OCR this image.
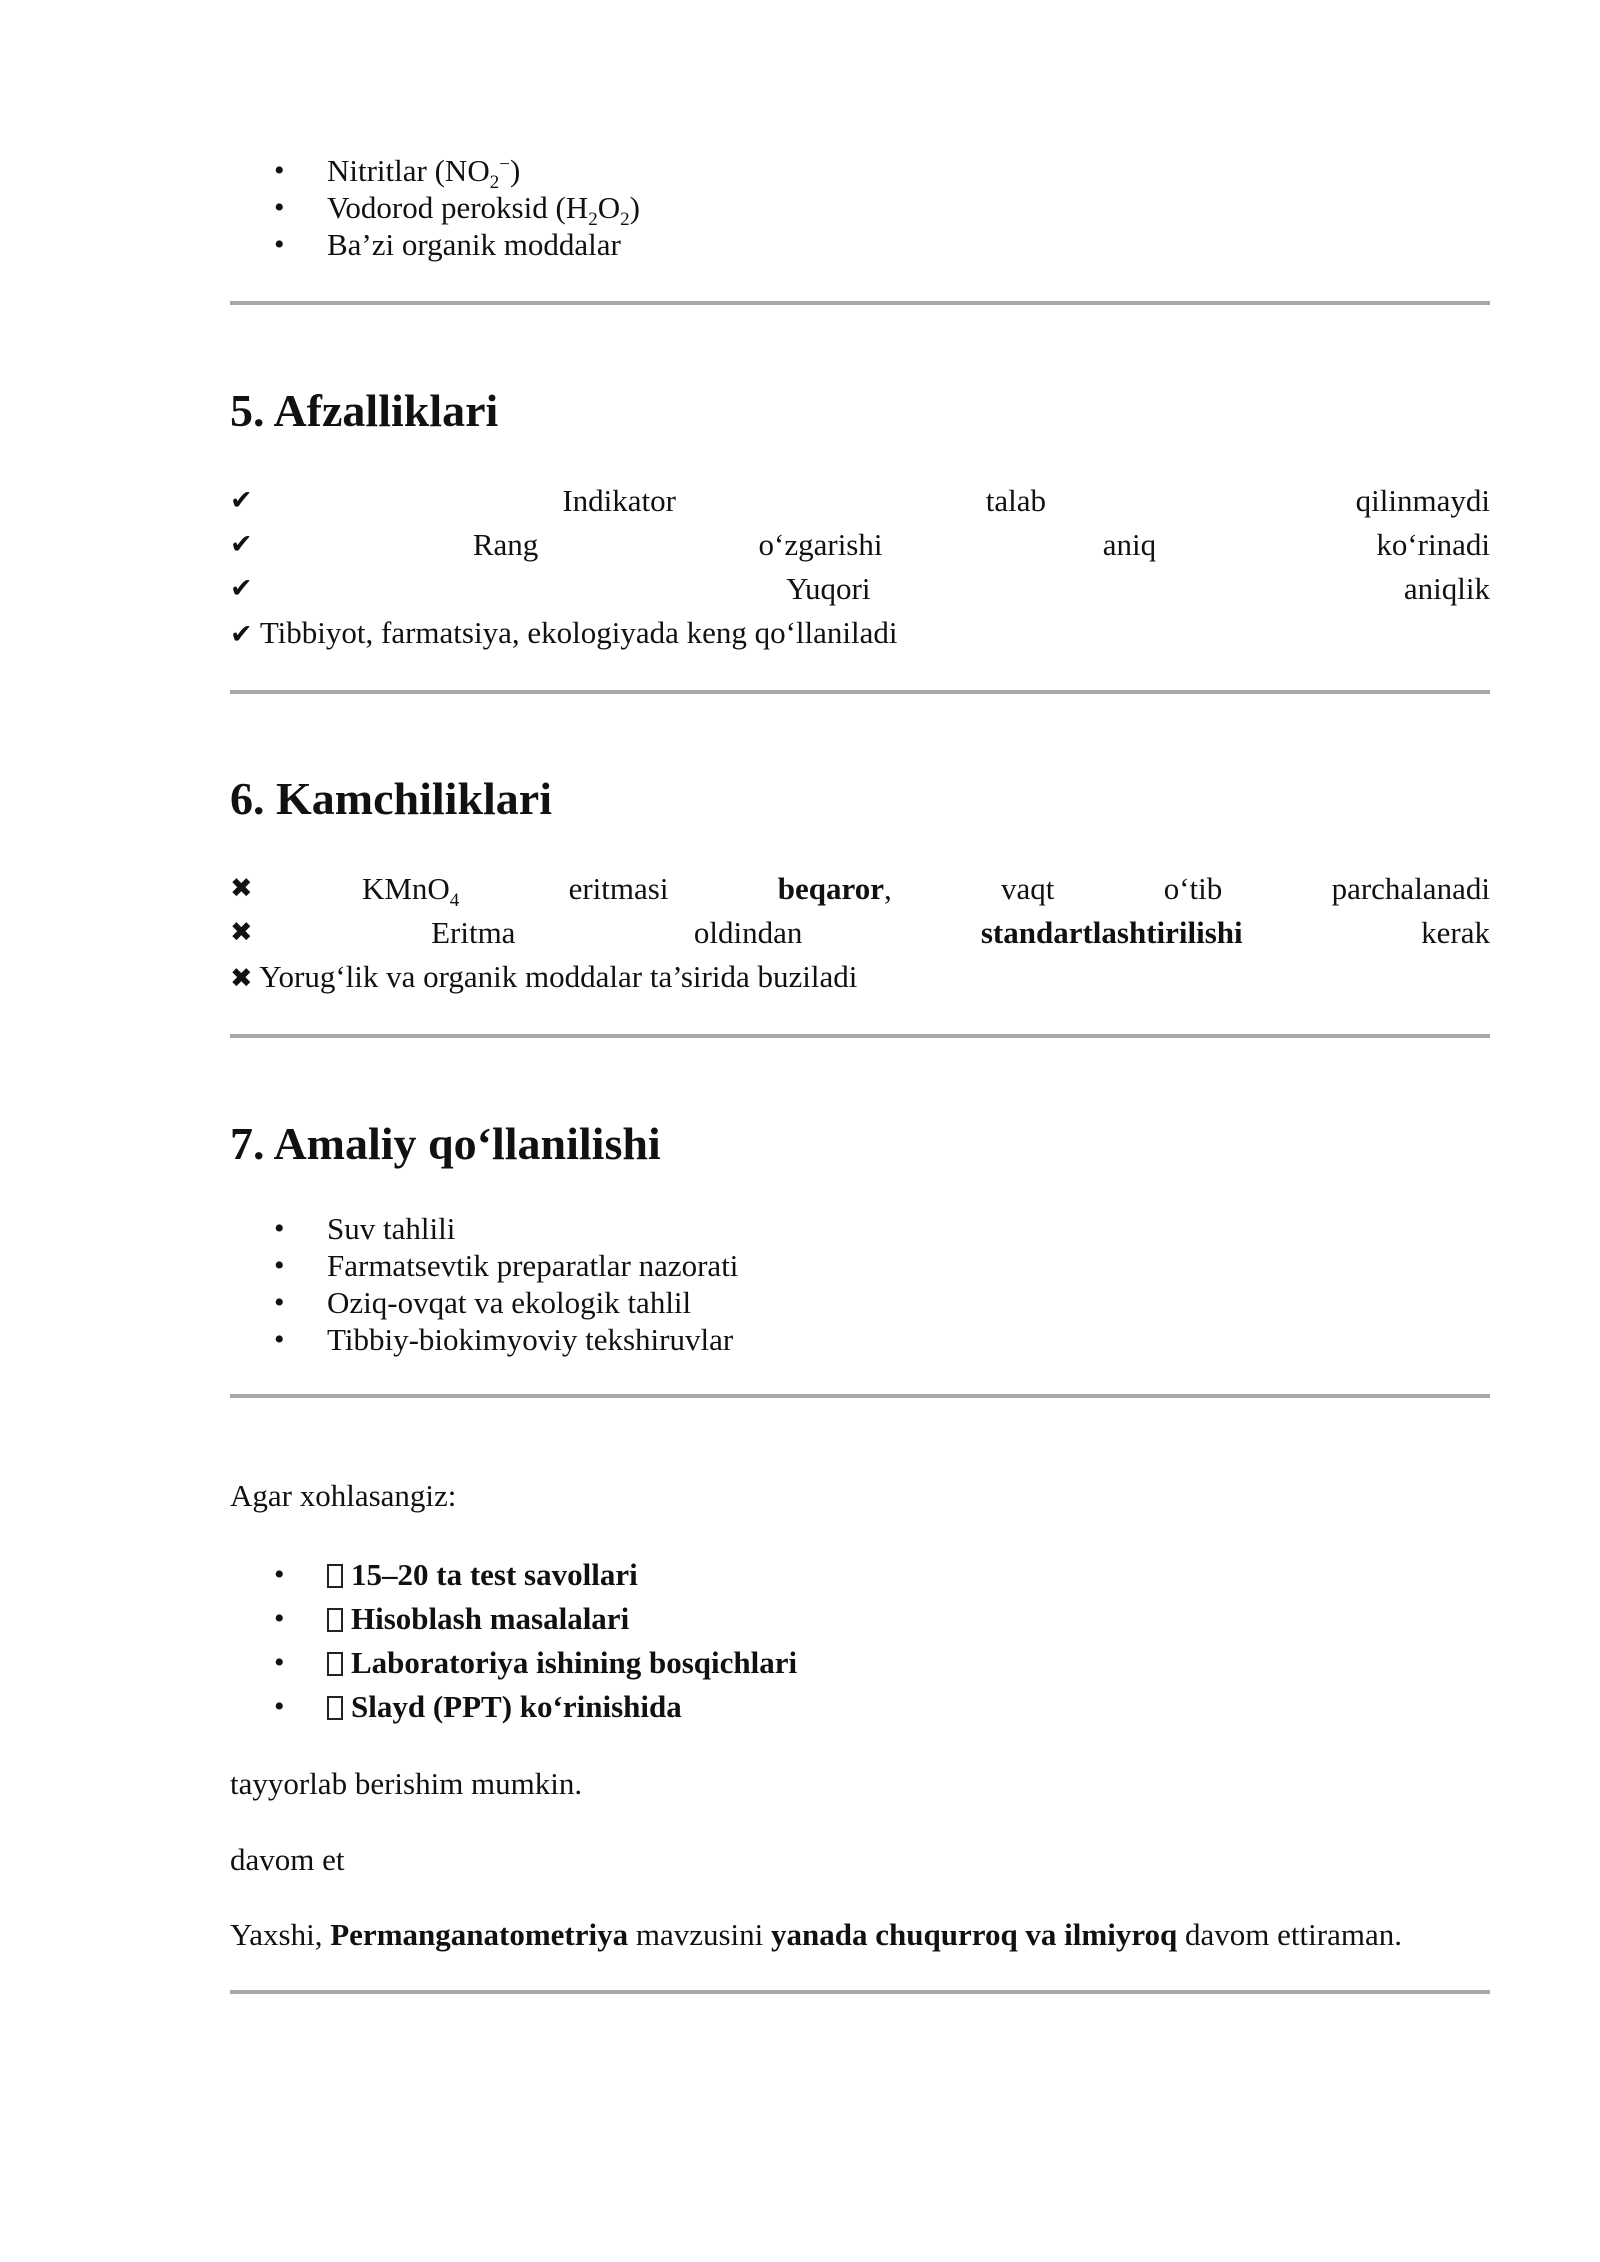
• Nitritlar $(NO_2^-)$
• Vodorod peroksid $(H_2O_2)$
• Ba’zi organik moddalar
5. Afzalliklari
✔	Indikator	talab	qilinmaydi
✔	Rang	o‘zgarishi	aniq	ko‘rinadi
✔	Yuqori	aniqlik
✔ Tibbiyot, farmatsiya, ekologiyada keng qo‘llaniladi
6. Kamchiliklari
✖	KMnO$_4$	eritmasi	beqaror,	vaqt	o‘tib	parchalanadi
✖	Eritma	oldindan	standartlashtirilishi	kerak
✖ Yorug‘lik va organik moddalar ta’sirida buziladi
7. Amaliy qo‘llanilishi
• Suv tahlili
• Farmatsevtik preparatlar nazorati
• Oziq-ovqat va ekologik tahlil
• Tibbiy-biokimyoviy tekshiruvlar
Agar xohlasangiz:
• 15–20 ta test savollari
• Hisoblash masalalari
• Laboratoriya ishining bosqichlari
• Slayd (PPT) ko‘rinishida
tayyorlab berishim mumkin.
davom et
Yaxshi, Permanganatometriya mavzusini yanada chuqurroq va ilmiyroq davom ettiraman.
